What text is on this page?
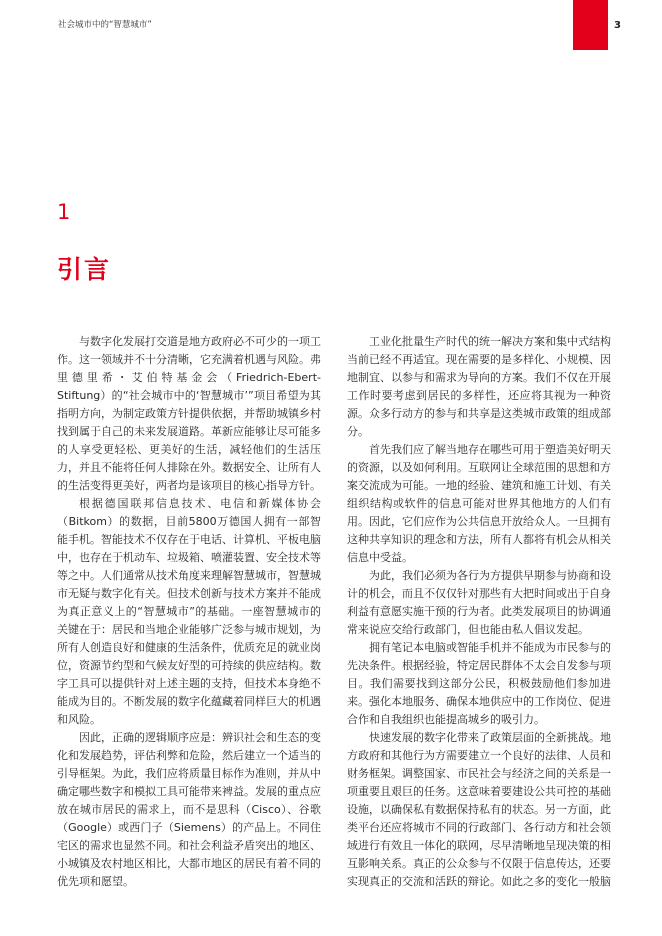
社会城市中的“智慧城市”	3
1
引言

与数字化发展打交道是地方政府必不可少的一项工作。这一领域并不十分清晰，它充满着机遇与风险。弗里德里希・艾伯特基金会（Friedrich-Ebert-Stiftung）的“社会城市中的‘智慧城市’”项目希望为其指明方向，为制定政策方针提供依据，并帮助城镇乡村找到属于自己的未来发展道路。革新应能够让尽可能多的人享受更轻松、更美好的生活，减轻他们的生活压力，并且不能将任何人排除在外。数据安全、让所有人的生活变得更美好，两者均是该项目的核心指导方针。

根据德国联邦信息技术、电信和新媒体协会（Bitkom）的数据，目前5800万德国人拥有一部智能手机。智能技术不仅存在于电话、计算机、平板电脑中，也存在于机动车、垃圾箱、喷灌装置、安全技术等等之中。人们通常从技术角度来理解智慧城市，智慧城市无疑与数字化有关。但技术创新与技术方案并不能成为真正意义上的“智慧城市”的基础。一座智慧城市的关键在于：居民和当地企业能够广泛参与城市规划，为所有人创造良好和健康的生活条件，优质充足的就业岗位，资源节约型和气候友好型的可持续的供应结构。数字工具可以提供针对上述主题的支持，但技术本身绝不能成为目的。不断发展的数字化蕴藏着同样巨大的机遇和风险。

因此，正确的逻辑顺序应是：辨识社会和生态的变化和发展趋势，评估利弊和危险，然后建立一个适当的引导框架。为此，我们应将质量目标作为准则，并从中确定哪些数字和模拟工具可能带来裨益。发展的重点应放在城市居民的需求上，而不是思科（Cisco）、谷歌（Google）或西门子（Siemens）的产品上。不同住宅区的需求也显然不同。和社会利益矛盾突出的地区、小城镇及农村地区相比，大都市地区的居民有着不同的优先项和愿望。

工业化批量生产时代的统一解决方案和集中式结构当前已经不再适宜。现在需要的是多样化、小规模、因地制宜、以参与和需求为导向的方案。我们不仅在开展工作时要考虑到居民的多样性，还应将其视为一种资源。众多行动方的参与和共享是这类城市政策的组成部分。

首先我们应了解当地存在哪些可用于塑造美好明天的资源，以及如何利用。互联网让全球范围的思想和方案交流成为可能。一地的经验、建筑和施工计划、有关组织结构或软件的信息可能对世界其他地方的人们有用。因此，它们应作为公共信息开放给众人。一旦拥有这种共享知识的理念和方法，所有人都将有机会从相关信息中受益。

为此，我们必须为各行为方提供早期参与协商和设计的机会，而且不仅仅针对那些有大把时间或出于自身利益有意愿实施干预的行为者。此类发展项目的协调通常来说应交给行政部门，但也能由私人倡议发起。

拥有笔记本电脑或智能手机并不能成为市民参与的先决条件。根据经验，特定居民群体不太会自发参与项目。我们需要找到这部分公民，积极鼓励他们参加进来。强化本地服务、确保本地供应中的工作岗位、促进合作和自我组织也能提高城乡的吸引力。

快速发展的数字化带来了政策层面的全新挑战。地方政府和其他行为方需要建立一个良好的法律、人员和财务框架。调整国家、市民社会与经济之间的关系是一项重要且艰巨的任务。这意味着要建设公共可控的基础设施，以确保私有数据保持私有的状态。另一方面，此类平台还应将城市不同的行政部门、各行动方和社会领域进行有效且一体化的联网，尽早清晰地呈现决策的相互影响关系。真正的公众参与不仅限于信息传达，还要实现真正的交流和活跃的辩论。如此之多的变化一般脑
